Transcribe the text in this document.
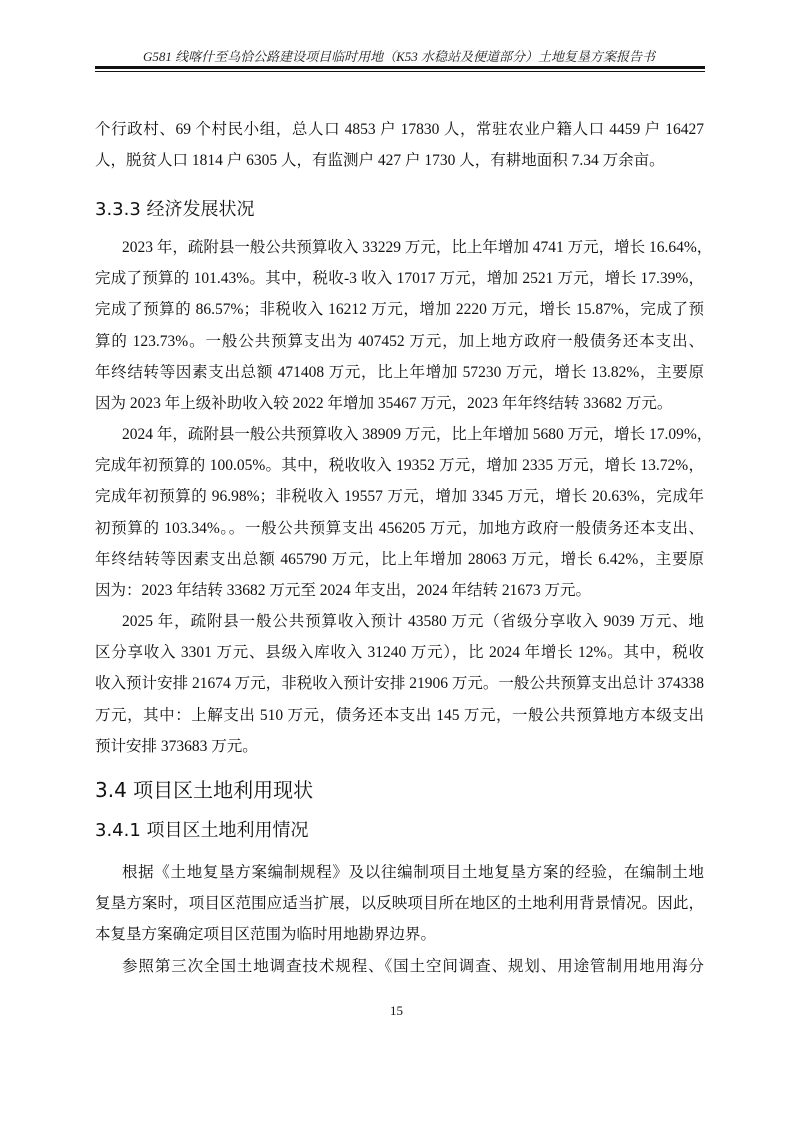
G581 线喀什至乌恰公路建设项目临时用地（K53 水稳站及便道部分）土地复垦方案报告书
个行政村、69 个村民小组，总人口 4853 户 17830 人，常驻农业户籍人口 4459 户 16427
人，脱贫人口 1814 户 6305 人，有监测户 427 户 1730 人，有耕地面积 7.34 万余亩。
3.3.3 经济发展状况
2023 年，疏附县一般公共预算收入 33229 万元，比上年增加 4741 万元，增长 16.64%，
完成了预算的 101.43%。其中，税收-3 收入 17017 万元，增加 2521 万元，增长 17.39%，
完成了预算的 86.57%；非税收入 16212 万元，增加 2220 万元，增长 15.87%，完成了预
算的 123.73%。一般公共预算支出为 407452 万元，加上地方政府一般债务还本支出、
年终结转等因素支出总额 471408 万元，比上年增加 57230 万元，增长 13.82%，主要原
因为 2023 年上级补助收入较 2022 年增加 35467 万元，2023 年年终结转 33682 万元。
2024 年，疏附县一般公共预算收入 38909 万元，比上年增加 5680 万元，增长 17.09%，
完成年初预算的 100.05%。其中，税收收入 19352 万元，增加 2335 万元，增长 13.72%，
完成年初预算的 96.98%；非税收入 19557 万元，增加 3345 万元，增长 20.63%，完成年
初预算的 103.34%。。一般公共预算支出 456205 万元，加地方政府一般债务还本支出、
年终结转等因素支出总额 465790 万元，比上年增加 28063 万元，增长 6.42%，主要原
因为：2023 年结转 33682 万元至 2024 年支出，2024 年结转 21673 万元。
2025 年，疏附县一般公共预算收入预计 43580 万元（省级分享收入 9039 万元、地
区分享收入 3301 万元、县级入库收入 31240 万元），比 2024 年增长 12%。其中，税收
收入预计安排 21674 万元，非税收入预计安排 21906 万元。一般公共预算支出总计 374338
万元，其中：上解支出 510 万元，债务还本支出 145 万元，一般公共预算地方本级支出
预计安排 373683 万元。
3.4 项目区土地利用现状
3.4.1 项目区土地利用情况
根据《土地复垦方案编制规程》及以往编制项目土地复垦方案的经验，在编制土地
复垦方案时，项目区范围应适当扩展，以反映项目所在地区的土地利用背景情况。因此，
本复垦方案确定项目区范围为临时用地勘界边界。
参照第三次全国土地调查技术规程、《国土空间调查、规划、用途管制用地用海分
15
